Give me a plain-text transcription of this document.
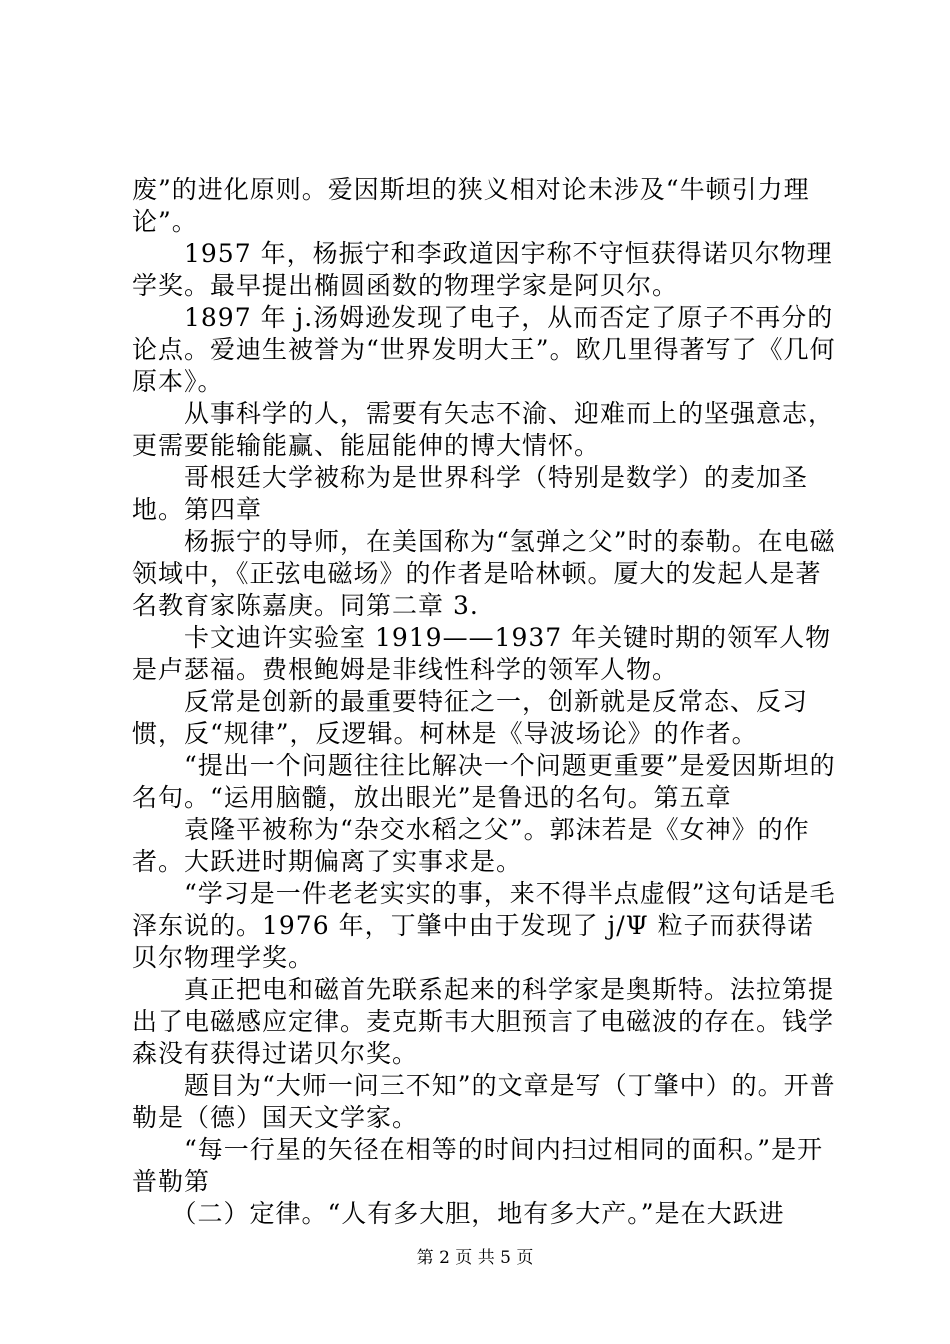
废”的进化原则。爱因斯坦的狭义相对论未涉及“牛顿引力理论”。

　　1957 年，杨振宁和李政道因宇称不守恒获得诺贝尔物理学奖。最早提出椭圆函数的物理学家是阿贝尔。

　　1897 年 j.汤姆逊发现了电子，从而否定了原子不再分的论点。爱迪生被誉为“世界发明大王”。欧几里得著写了《几何原本》。

　　从事科学的人，需要有矢志不渝、迎难而上的坚强意志，更需要能输能赢、能屈能伸的博大情怀。

　　哥根廷大学被称为是世界科学（特别是数学）的麦加圣地。第四章

　　杨振宁的导师，在美国称为“氢弹之父”时的泰勒。在电磁领域中，《正弦电磁场》的作者是哈林顿。厦大的发起人是著名教育家陈嘉庚。同第二章 3.

　　卡文迪许实验室 1919——1937 年关键时期的领军人物是卢瑟福。费根鲍姆是非线性科学的领军人物。

　　反常是创新的最重要特征之一，创新就是反常态、反习惯，反“规律”，反逻辑。柯林是《导波场论》的作者。

　　“提出一个问题往往比解决一个问题更重要”是爱因斯坦的名句。“运用脑髓，放出眼光”是鲁迅的名句。第五章

　　袁隆平被称为“杂交水稻之父”。郭沫若是《女神》的作者。大跃进时期偏离了实事求是。

　　“学习是一件老老实实的事，来不得半点虚假”这句话是毛泽东说的。1976 年，丁肇中由于发现了 j/Ψ 粒子而获得诺贝尔物理学奖。

　　真正把电和磁首先联系起来的科学家是奥斯特。法拉第提出了电磁感应定律。麦克斯韦大胆预言了电磁波的存在。钱学森没有获得过诺贝尔奖。

　　题目为“大师一问三不知”的文章是写（丁肇中）的。开普勒是（德）国天文学家。

　　“每一行星的矢径在相等的时间内扫过相同的面积。”是开普勒第

　　（二）定律。“人有多大胆，地有多大产。”是在大跃进

第 2 页 共 5 页
